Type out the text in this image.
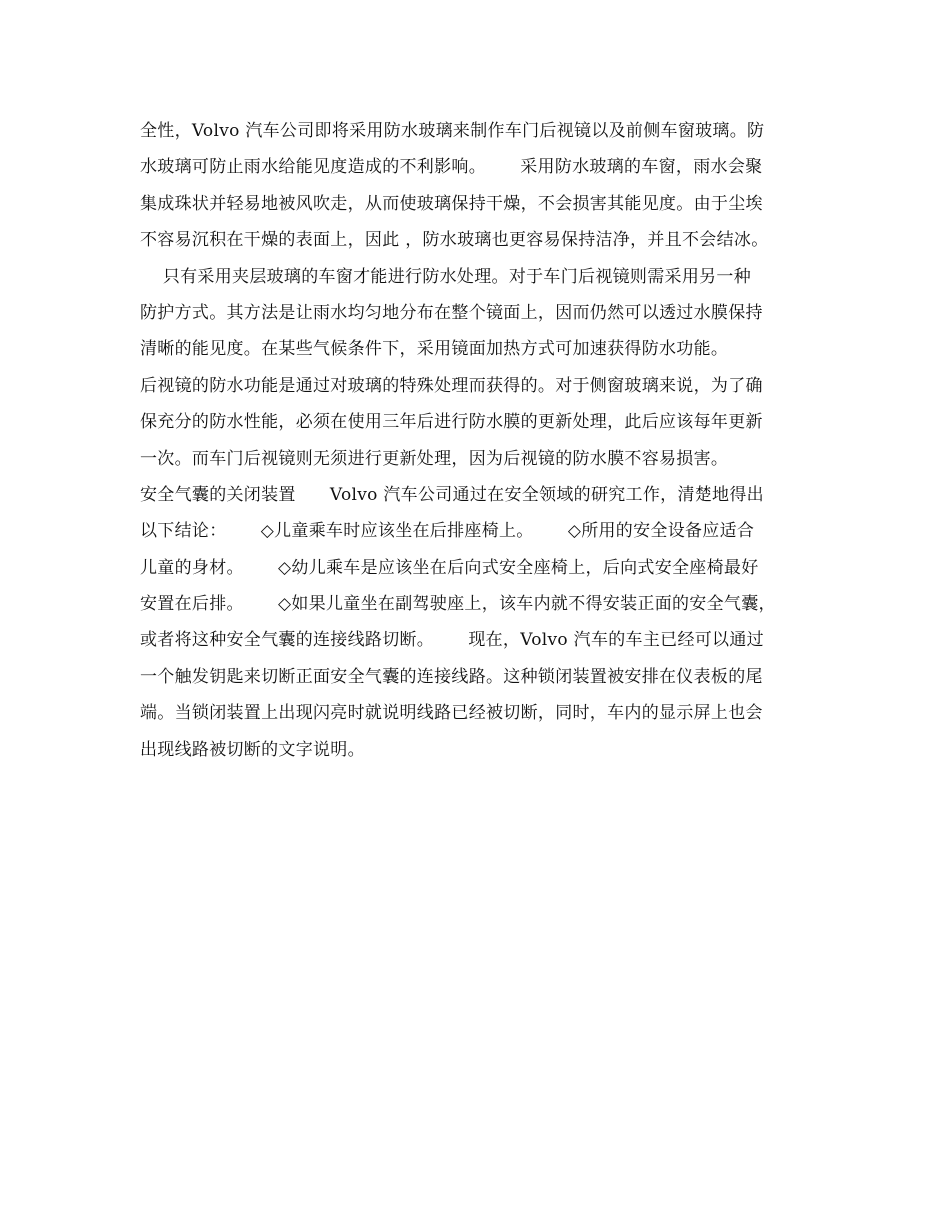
全性，Volvo 汽车公司即将采用防水玻璃来制作车门后视镜以及前侧车窗玻璃。防
水玻璃可防止雨水给能见度造成的不利影响。      采用防水玻璃的车窗，雨水会聚
集成珠状并轻易地被风吹走，从而使玻璃保持干燥，不会损害其能见度。由于尘埃
不容易沉积在干燥的表面上，因此 ，防水玻璃也更容易保持洁净，并且不会结冰。
只有采用夹层玻璃的车窗才能进行防水处理。对于车门后视镜则需采用另一种
防护方式。其方法是让雨水均匀地分布在整个镜面上，因而仍然可以透过水膜保持
清晰的能见度。在某些气候条件下，采用镜面加热方式可加速获得防水功能。
后视镜的防水功能是通过对玻璃的特殊处理而获得的。对于侧窗玻璃来说，为了确
保充分的防水性能，必须在使用三年后进行防水膜的更新处理，此后应该每年更新
一次。而车门后视镜则无须进行更新处理，因为后视镜的防水膜不容易损害。
安全气囊的关闭装置      Volvo 汽车公司通过在安全领域的研究工作，清楚地得出
以下结论：      ◇儿童乘车时应该坐在后排座椅上。      ◇所用的安全设备应适合
儿童的身材。      ◇幼儿乘车是应该坐在后向式安全座椅上，后向式安全座椅最好
安置在后排。      ◇如果儿童坐在副驾驶座上，该车内就不得安装正面的安全气囊，
或者将这种安全气囊的连接线路切断。      现在，Volvo 汽车的车主已经可以通过
一个触发钥匙来切断正面安全气囊的连接线路。这种锁闭装置被安排在仪表板的尾
端。当锁闭装置上出现闪亮时就说明线路已经被切断，同时，车内的显示屏上也会
出现线路被切断的文字说明。
